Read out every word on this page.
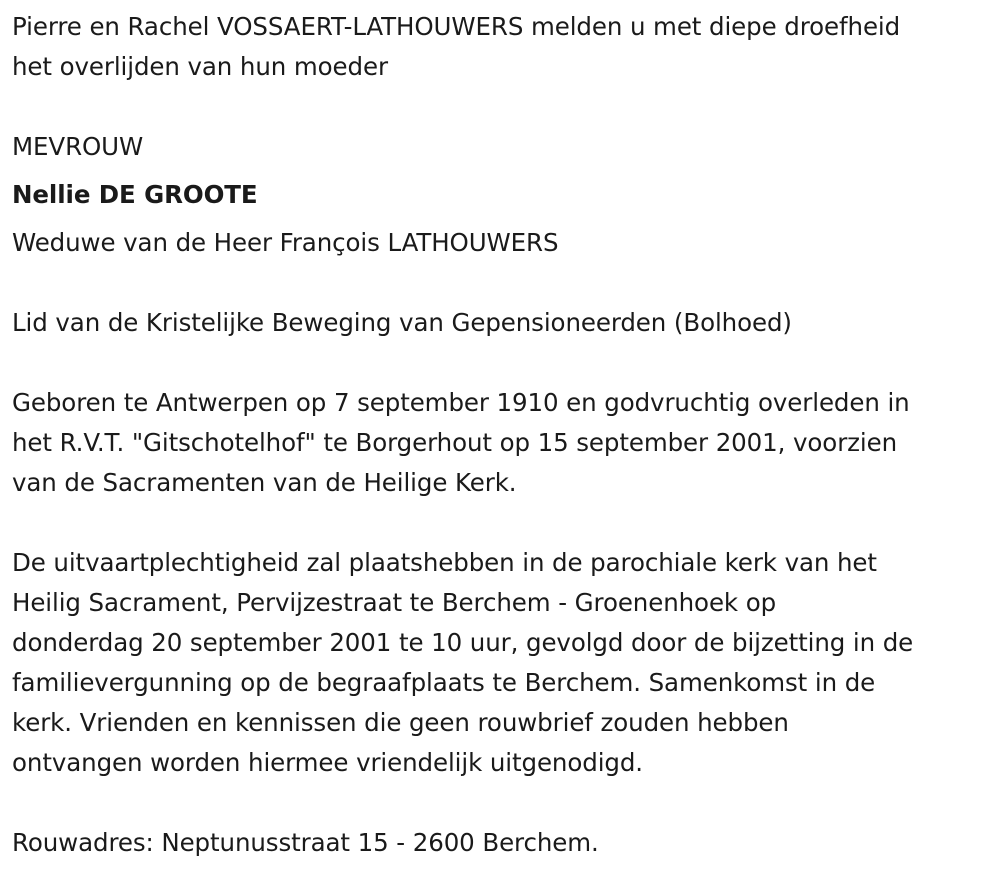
Pierre en Rachel VOSSAERT-LATHOUWERS melden u met diepe droefheid
het overlijden van hun moeder
MEVROUW
Nellie DE GROOTE
Weduwe van de Heer François LATHOUWERS
Lid van de Kristelijke Beweging van Gepensioneerden (Bolhoed)
Geboren te Antwerpen op 7 september 1910 en godvruchtig overleden in
het R.V.T. "Gitschotelhof" te Borgerhout op 15 september 2001, voorzien
van de Sacramenten van de Heilige Kerk.
De uitvaartplechtigheid zal plaatshebben in de parochiale kerk van het
Heilig Sacrament, Pervijzestraat te Berchem - Groenenhoek op
donderdag 20 september 2001 te 10 uur, gevolgd door de bijzetting in de
familievergunning op de begraafplaats te Berchem. Samenkomst in de
kerk. Vrienden en kennissen die geen rouwbrief zouden hebben
ontvangen worden hiermee vriendelijk uitgenodigd.
Rouwadres: Neptunusstraat 15 - 2600 Berchem.
